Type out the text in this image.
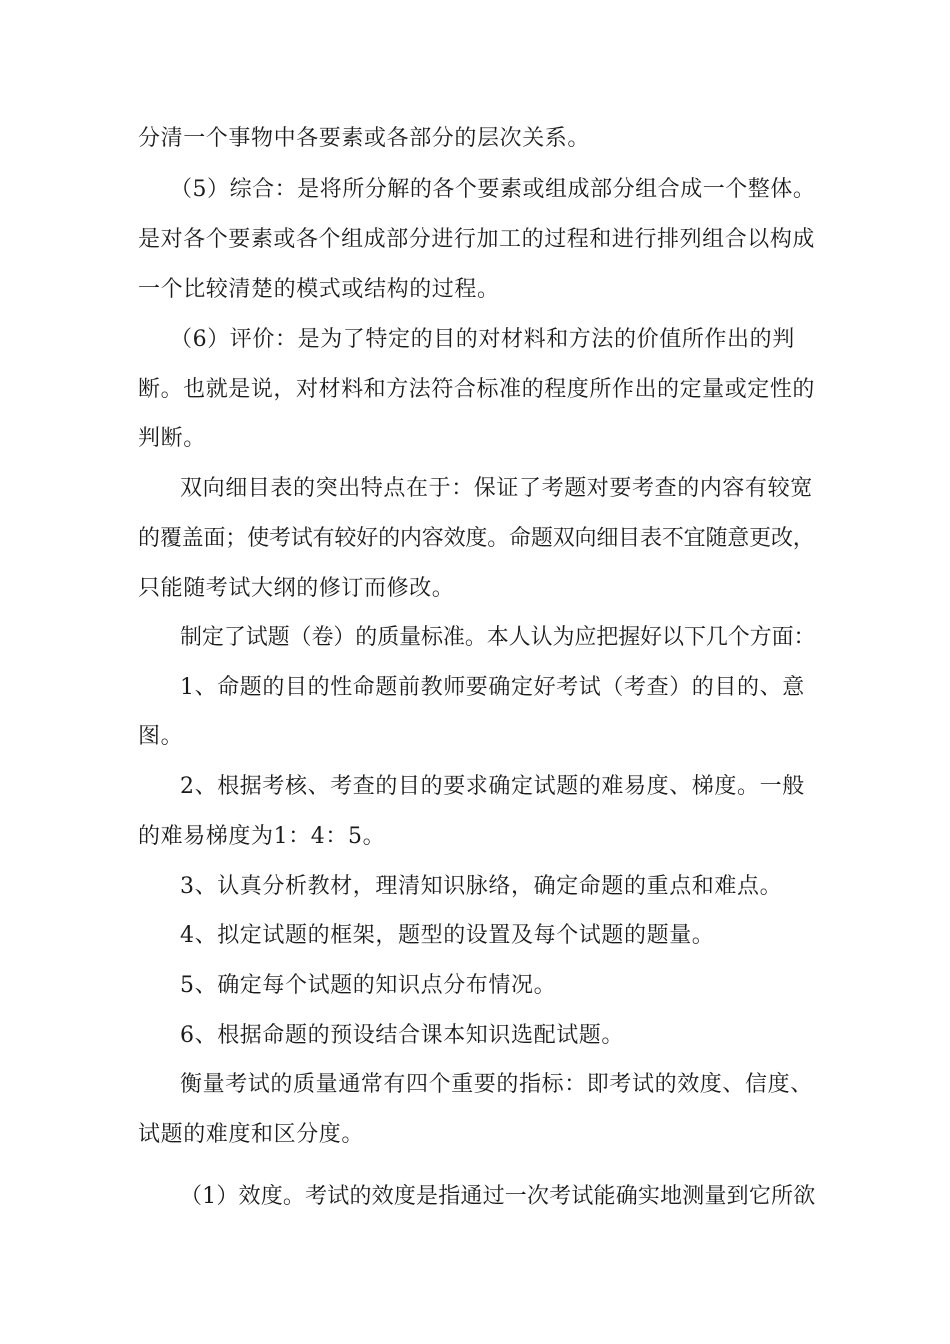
分清一个事物中各要素或各部分的层次关系。

（5）综合：是将所分解的各个要素或组成部分组合成一个整体。

是对各个要素或各个组成部分进行加工的过程和进行排列组合以构成

一个比较清楚的模式或结构的过程。

（6）评价：是为了特定的目的对材料和方法的价值所作出的判

断。也就是说，对材料和方法符合标准的程度所作出的定量或定性的

判断。

双向细目表的突出特点在于：保证了考题对要考查的内容有较宽

的覆盖面；使考试有较好的内容效度。命题双向细目表不宜随意更改，

只能随考试大纲的修订而修改。

制定了试题（卷）的质量标准。本人认为应把握好以下几个方面：

1、命题的目的性命题前教师要确定好考试（考查）的目的、意

图。

2、根据考核、考查的目的要求确定试题的难易度、梯度。一般

的难易梯度为1：4：5。

3、认真分析教材，理清知识脉络，确定命题的重点和难点。

4、拟定试题的框架，题型的设置及每个试题的题量。

5、确定每个试题的知识点分布情况。

6、根据命题的预设结合课本知识选配试题。

衡量考试的质量通常有四个重要的指标：即考试的效度、信度、

试题的难度和区分度。

（1）效度。考试的效度是指通过一次考试能确实地测量到它所欲
